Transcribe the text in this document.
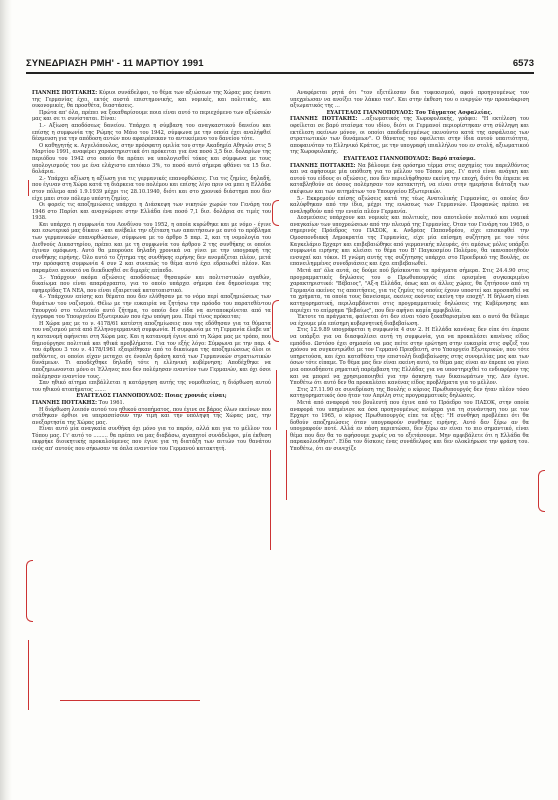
ΣΥΝΕΔΡΙΑΣΗ ΡΜΗ' - 11 ΜΑΡΤΙΟΥ 1991	6573

ΓΙΑΝΝΗΣ ΠΟΤΤΑΚΗΣ: Κύριοι συνάδελφοι, το θέμα των αξιώσεων της Χώρας μας έναντι της Γερμανίας έχει, εκτός αυστά επιστημονικής, και νομικές, και πολιτικές, και οικονομικές, θα προσθέτα, διαστάσεις.

Πρώτα απ' όλα, πρέπει να ξεκαθαρίσουμε ποια είναι αυτό το περιεχόμενο των αξιώσεών μας και σε τι συνίσταται. Είναι:

1.- Αξίωση αποδόσεως δανείου. Υπάρχει η σύμβαση του αναγκαστικού δανείου και επίσης η συμφωνία της Ρώμης το Μάιο του 1942, σύμφωνα με την οποία έχει αναλήφθεί δέσμευση για την απόδοση αυτών που αφαιρέσεκαν το αντικείμενο του δανείου τότε.

Ο καθηγητής κ. Αγγελόπουλος, στην πρόσφατη ομιλία του στην Ακαδημία Αθηνών στις 5 Μαρτίου 1991, αναφέρει χαρακτηριστικά ότι πρόκειται για ένα ποσό 3,5 δισ. δολαρίων της περιόδου του 1942 στο οποίο θα πρέπει να υπολογισθεί τόκος και σύμφωνα με τους υπολογισμούς του με ένα ελάχιστο επιτόκιο 3%, το ποσό αυτό σήμερα φθάνει τα 15 δισ. δολάρια.

2.- Υπάρχει αξίωση η αξίωση για τις γερμανικές επανορθώσεις. Για τις ζημίες, δηλαδή, που έγιναν στη Χώρα κατά τη διάρκεια του πολέμου και επίσης λίγο πριν να μπει η Ελλάδα στον πόλεμο από 1.9.1939 μέχρι τις 28.10.1940, διότι και στο χρονικό διάστημα που δεν είχε μπει στον πόλεμο υπέστη ζημίες.

Οι φορείς τις αποζημιώσεις υπάρχει η Διάσκεψη των νικητών χωρών τον Γενάρη του 1946 στο Παρίσι και αναγνώρισε στην Ελλάδα ένα ποσό 7,1 δισ. δολάρια σε τιμές του 1938.

Και υπάρχει η συμφωνία του Λονδίνου του 1952, η οποία κυρώθηκε και με νόμο - έγινε και εσωτερικό μας δίκαιο - και ανέβαλε την εξέταση των απαιτήσεων με αυτό το πρόβλημα των γερμανικών επανορθώσεων, σύμφωνα με το άρθρο 5 παρ. 2, και τη νομολογία του Διεθνούς Δικαστηρίου, πρέπει και με τη συμφωνία του άρθρου 2 της συνθήκης οι οποίοι έγιναν ομόφωνη. Αυτό θα μπορούσε δηλαδή χρονικά να γίνει με την υπογραφή της συνθήκης ειρήνης. Όλο αυτό το ζήτημα της συνθήκης ειρήνης δεν ανομάζεται πλέον, μετά την πρόσφατη συμφωνία 4 συν 2 και συνεπώς το θέμα αυτό έχει εδραιωθεί πλέον. Και παραμένει ανοικτό να διεκδικηθεί σε διμερές επίπεδο.

3.- Υπάρχουν ακόμα αξιώσεις αποδόσεως θησαυρών και πολιτιστικών αγαθών, δικαίωμα που είναι απαράγραπτο, για το οποίο υπάρχει σήμερα ένα δημοσίευμα της εφημερίδας ΤΑ ΝΕΑ, που είναι εξαιρετικά κατατοπιστικό.

4.- Υπάρχουν επίσης και θέματα που δεν ελύθησαν με το νόμο περί αποζημιώσεως των θυμάτων του ναζισμού. Θέλω με την ευκαιρία να ζητήσω την πρόοδο του παρατεθέντου Υπουργού στο τελευταίο αυτό ζήτημα, το οποίο δεν είδα να ανταποκρίνεται από τα έγγραφα του Υπουργείου Εξωτερικών που έχω υπόψη μου. Περί τίνος πρόκειται;

Η Χώρα μας με το ν. 4178/61 κατέστη αποζημίωσεις που της εδόθησαν για τα θύματα του ναζισμού μετά από Ελληνογερμανική συμφωνία. Η συμφωνία με τη Γερμανία έλαβε υπ' η κατανομή αφήνεται στη Χώρα μας. Και η κατανομή έγινε από τη Χώρα μας με τρόπο, που δημιούργησε πολιτικά και ηθικά προβλήματα. Για τον εξής λόγο: Σύμφωνα με την παρ. 4 του άρθρου 3 του ν. 4178/1961 εξαιρέθηκαν από το δικαίωμα της αποζημιώσεως όλοι οι παθόντες, οι οποίοι είχαν μεταχει σε ένοπλη δράση κατά των Γερμανικών στρατιωτικών δυνάμεων. Τι αποδέχθηκε δηλαδή τότε η ελληνική κυβέρνηση; Αποδέχθηκε να αποζημιωνονται μόνο οι Έλληνες που δεν πολέμησαν εναντίον των Γερμανών, και όχι όσοι πολέμησαν εναντίον τους.

Σαν ηθικό αίτημα επιβάλλεται η κατάργηση αυτής της νομοθεσίας, η διόρθωση αυτού του ηθικού ατοπήματος .......

ΕΥΑΓΓΕΛΟΣ ΓΙΑΝΝΟΠΟΥΛΟΣ: Ποιας χρονιάς είναι;

ΓΙΑΝΝΗΣ ΠΟΤΤΑΚΗΣ: Του 1961.

Η διόρθωση λοιπόν αυτού του ηθικού ατοπήματος, που έγινε σε βάρος όλων εκείνων που στάθηκαν όρθιοι να υπερασπίσουν την τιμή και την υπόληψη της Χώρας μας, την ανεξαρτησία της Χώρας μας.

Είναι αυτό μία αναγκαία συνθήκη όχι μόνο για το παρόν, αλλά και για το μέλλον του Τόπου μας. Γι' αυτό το ......... θα πρέπει να μας διαβάσω, αγαπητοί συνάδελφοι, μία έκθεση εκφρήκε διοικητικής προκαλούμενες που έγινε για τη διατάξη των αιτιών του θανάτου ενός απ' αυτούς που σήκωσαν τα όπλα εναντίον του Γερμανού κατακτητή.

Αναφέρεται ρητά ότι "τον εξετέλεσαν δια τυφεκισμού, αφού προηγουμένως τον υπεχρέωσαν να ανοίξει τον λάκκο του". Και στην έκθεση του ο ενεργών την προανάκριση αξιωματικός της ...

ΕΥΑΓΓΕΛΟΣ ΓΙΑΝΝΟΠΟΥΛΟΣ: Του Τάγματος Ασφαλείας.

ΓΙΑΝΝΗΣ ΠΟΤΤΑΚΗΣ: ...αξιωματικός της Χωροφυλακής, γράφει: "Η εκτέλεση του οφείλεται σε βαρύ πταίσμα του ιδίου, διότι οι Γερμανοί περιορίστηκαν στη σύλληψη και εκτέλεση εκείνων μόνον, οι οποίοι αποδεδειγμένως εκινούντο κατά της ασφάλειας των στρατιωτικών των δυνάμεων". Ο θάνατος του οφείλεται στην ίδια αυτού υπαιτιότητα, αποφαινόταν το Ελληνικό Κράτος, με την υπογραφή ιπιαλλήλου του εν στολή, αξιωματικού της Χωροφυλακής.

ΕΥΑΓΓΕΛΟΣ ΓΙΑΝΝΟΠΟΥΛΟΣ: Βαρύ πταίσμα.

ΓΙΑΝΝΗΣ ΠΟΤΤΑΚΗΣ: Να βάλουμε ένα ορόσημο τέρμα στις ασχημίες του παρελθόντος και να αφήσουμε μία υπόθεση για το μέλλον του Τόπου μας. Γι' αυτό είναι ανάγκη και αυτού του είδους οι αξιώσεις, που δεν περιελήφθησαν εκείνη την εποχή, διότι θα έπρεπε να καταβληθούν σε όσους πολέμησαν τον κατακτητή, να είναι στην ημερήσια διάταξη των σκέψεων και των αιτημάτων του Υπουργείου Εξωτερικών.

5.- Εκκρεμούν επίσης αξιώσεις κατά της τέως Ανατολικής Γερμανίας, οι οποίες δεν καλύφθηκαν από την ίδια, μέχρι της ενώσεως των Γερμανιών. Προφανώς πρέπει να αναληφθούν από την ενιαία πλέον Γερμανία.

Δεσμεύσεις υπάρχουν και νομικές και πολιτικές, που αποτελούν πολιτικό και νομικά αναγκαίων των υποχρεώσεων από την πλευρά της Γερμανίας. Όταν τον Γενάρη του 1965, ο σημερινός Πρόεδρος του ΠΑΣΟΚ, κ. Ανδρέας Παπανδρέου, είχε επισκεφθεί την Ομοσπονδιακή Δημοκρατία της Γερμανίας, είχε μία επίσημη συζήτηση με τον τότε Καγκελάριο Ερχαρτ και επιβεβαιώθηκε από γερμανικής πλευράς, ότι αμέσως μόλις υπάρξει συμφωνία ειρήνης και κλείσει το θέμα του Β' Παγκοσμίου Πολέμου, θα ικανοποιηθούν ενσυχαί και τόκοι. Η γνώμη αυτής της συζήτησης υπάρχει στο Προεδρικό της Βουλής, σε επανειλημμένες συνεδριάσεις και έχει επιβεβαιωθεί.

Μετά απ' όλα αυτά, ας δούμε πού βρίσκονται τα πράγματα σήμερα. Στις 24.4.90 στις προγραμματικές δηλώσεις του ο Πρωθυπουργός είπε ορισμένα συγκεκριμένο χαρακτηριστικό: "Βέβαιος", "Αξ-η Ελλάδα, όπως και οι άλλες χώρες, θα ζητήσουν από τη Γερμανία εκείνες τις απαιτήσεις, για τις ζημίες τις οποίες έχουν υποστεί και προσπαθεί να τα χρήματα, τα οποία τους δανείσαμε, εκείνες εκόντες εκείνη την εποχή". Η δήλωση είναι κατηγορηματική, περιλαμβάνεται στις προγραμματικές δηλώσεις της Κυβέρνησης και περιέχει το επίρρημα "βεβαίως", που δεν αφήνει καμία αμφιβολία.

Έκτοτε τα πράγματα, φαίνεται ότι δεν είναι τόσο ξεκαθαρισμένα και ο αυτό θα θέλαμε να έχουμε μία επίσημη κυβερνητική διαβεβαίωση.

Στις 12.9.89 υπογράφεται η συμφωνία 4 συν 2. Η Ελλάδα κανένας δεν είπε ότι έπρεπε να υπάρξει για να διασφαλίσει αυτή τη συμφωνία, για να προκαλέσει κανένας είδος εμπόδιο. Ωστόσο έχει σημασία να μας πείτε στην ερώτηση στην ευκαιρία στις σφζεξ του χρόνου να συγκεντρώθεί με τον Γερμανό Πρεσβευτή, στο Υπουργείο Εξωτερικών, που τότε υπηρετούσα, και έχει καταθέσει την επιστολή διαβεβαίωσης στης συνομιλίας μας και των όσων τότε είπαμε. Το θέμα μας δεν είναι εκείνη αυτό, το θέμα μας είναι αν έπρεπε να γίνει μια οποιαδήποτε ρηματική παρέμβαση της Ελλάδας για να υποστηριχθεί το ενδιαφέρον της και να μπορεί να χρησιμοποιηθεί για την άσκηση των δικαιωμάτων της. Δεν έγινε. Υποθέτω ότι αυτό δεν θα προκαλέσει κανένας είδος προβλήματα για το μέλλον.

Στις 27.11.90 σε συνεδρίαση της Βουλής ο κύριος Πρωθυπουργός δεν ήταν πλέον τόσο κατηγορηματικός όσο ήταν τον Απρίλη στις προγραμματικές δηλώσεις.

Μετά από αναφορά του βουλευτή που έγινε από το Πρόεδρο του ΠΑΣΟΚ, στην οποία αναφορά του υπημένισε κα όσα προηγουμένως ανέφερα για τη συνάντηση του με τον Ερχαρτ το 1965, ο κύριος Πρωθυπουργός είπε τα εξής: "Η συνθήκη προβλέπει ότι θα δοθούν αποζημιώσεις όταν υπογραφούν συνθήκες ειρήνης. Αυτό δεν ξέρω αν θα υπογραφούν ποτέ. Αλλά εν πάση περιπτώσει, δεν ξέρω αν είναι το πιο σημαντικό, είναι θέμα που δεν θα το αφήσουμε χωρίς να το εξετάσουμε. Μην αμφιβάλετε ότι η Ελλάδα θα παρακολουθήσει". Είδα τον δίσκοις ένας συνάδελφος και δεν ολοκλήρωσε την φράση του. Υποθέτω, ότι αν συνεχίζε
